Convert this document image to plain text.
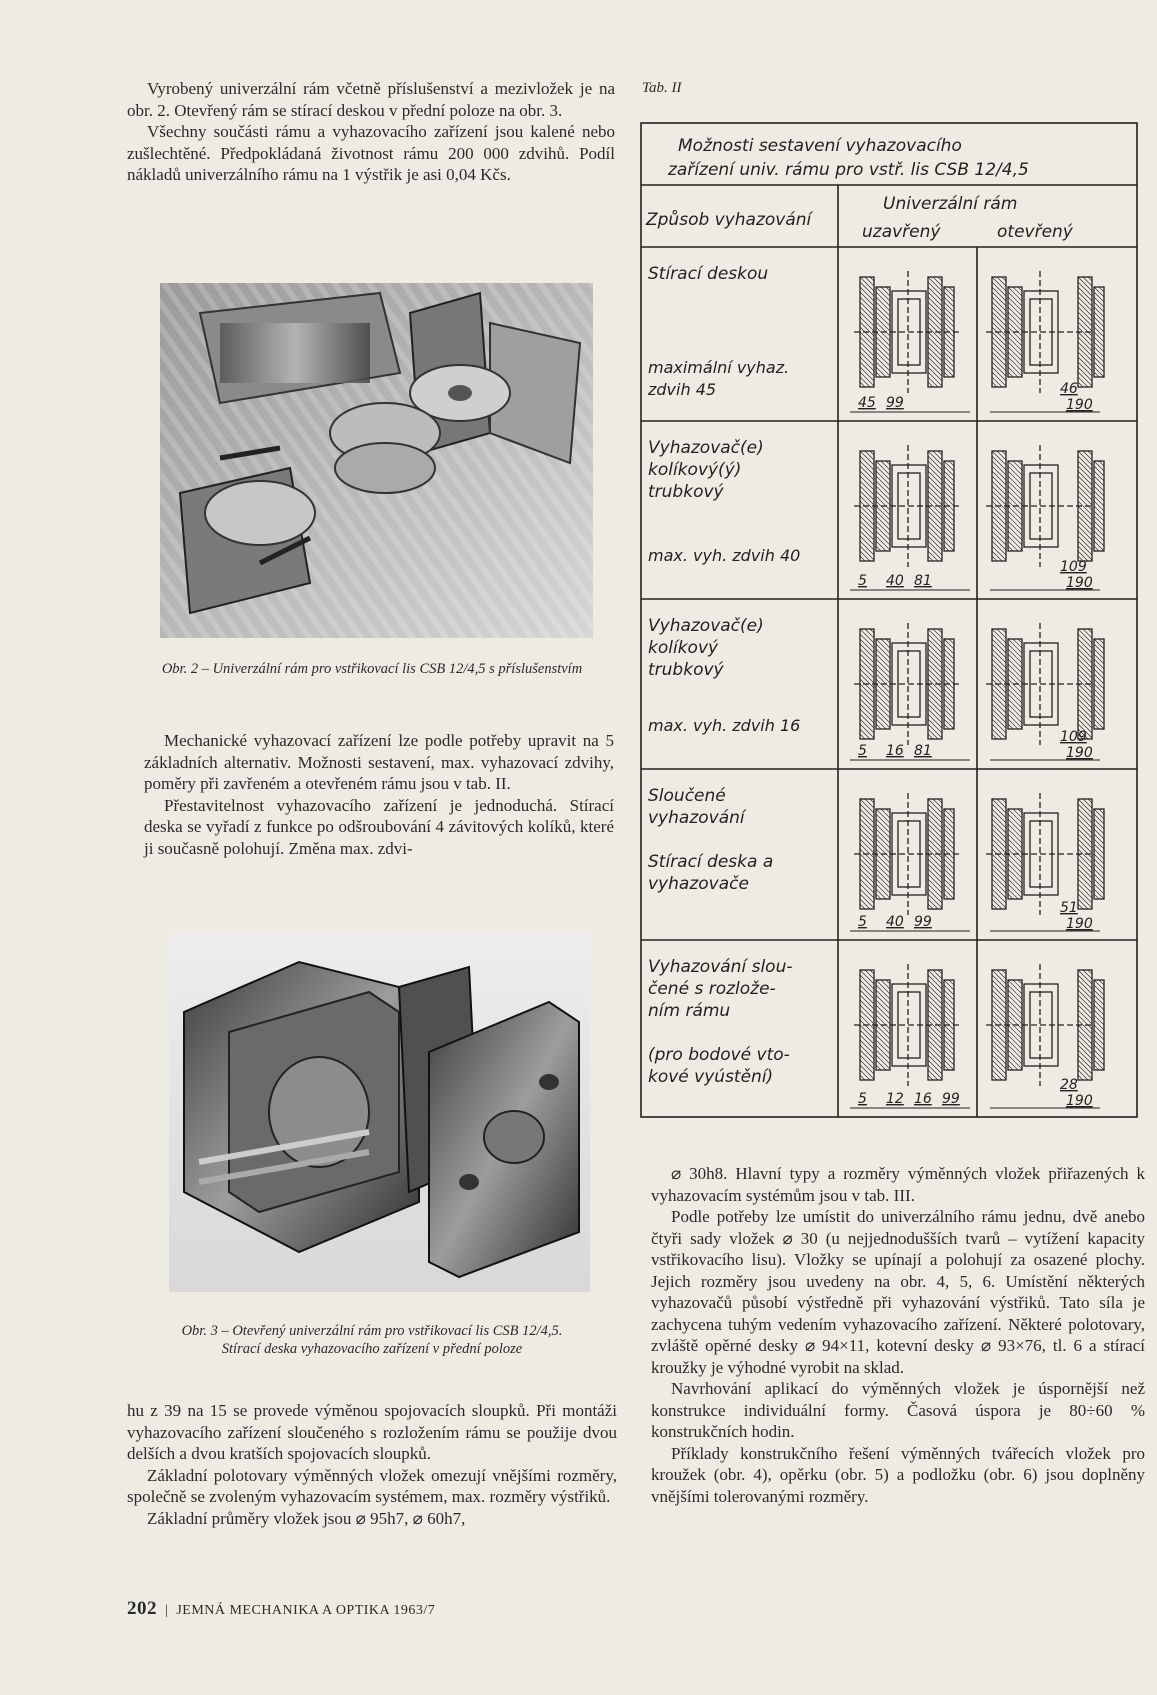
Vyrobený univerzální rám včetně příslušenství a mezivložek je na obr. 2. Otevřený rám se stírací deskou v přední poloze na obr. 3.

Všechny součásti rámu a vyhazovacího zařízení jsou kalené nebo zušlechtěné. Předpokládaná životnost rámu 200 000 zdvihů. Podíl nákladů univerzálního rámu na 1 výstřik je asi 0,04 Kčs.

Obr. 2 – Univerzální rám pro vstřikovací lis CSB 12/4,5 s příslušenstvím

Mechanické vyhazovací zařízení lze podle potřeby upravit na 5 základních alternativ. Možnosti sestavení, max. vyhazovací zdvihy, poměry při zavřeném a otevřeném rámu jsou v tab. II.

Přestavitelnost vyhazovacího zařízení je jednoduchá. Stírací deska se vyřadí z funkce po odšroubování 4 závitových kolíků, které ji současně polohují. Změna max. zdvi-

Obr. 3 – Otevřený univerzální rám pro vstřikovací lis CSB 12/4,5.
Stírací deska vyhazovacího zařízení v přední poloze

hu z 39 na 15 se provede výměnou spojovacích sloupků. Při montáži vyhazovacího zařízení sloučeného s rozložením rámu se použije dvou delších a dvou kratších spojovacích sloupků.

Základní polotovary výměnných vložek omezují vnějšími rozměry, společně se zvoleným vyhazovacím systémem, max. rozměry výstřiků.

Základní průměry vložek jsou ⌀ 95h7, ⌀ 60h7,

⌀ 30h8. Hlavní typy a rozměry výměnných vložek přiřazených k vyhazovacím systémům jsou v tab. III.

Podle potřeby lze umístit do univerzálního rámu jednu, dvě anebo čtyři sady vložek ⌀ 30 (u nejjednodušších tvarů – vytížení kapacity vstřikovacího lisu). Vložky se upínají a polohují za osazené plochy. Jejich rozměry jsou uvedeny na obr. 4, 5, 6. Umístění některých vyhazovačů působí výstředně při vyhazování výstřiků. Tato síla je zachycena tuhým vedením vyhazovacího zařízení. Některé polotovary, zvláště opěrné desky ⌀ 94×11, kotevní desky ⌀ 93×76, tl. 6 a stírací kroužky je výhodné vyrobit na sklad.

Navrhování aplikací do výměnných vložek je úspornější než konstrukce individuální formy. Časová úspora je 80÷60 % konstrukčních hodin.

Příklady konstrukčního řešení výměnných tvářecích vložek pro kroužek (obr. 4), opěrku (obr. 5) a podložku (obr. 6) jsou doplněny vnějšími tolerovanými rozměry.

Tab. II
Možnosti sestavení vyhazovacího
zařízení univ. rámu pro vstř. lis CSB 12/4,5
Způsob vyhazování
Univerzální rám
uzavřený	otevřený
Stírací deskou
maximální vyhaz.
zdvih 45
45 99
46
190
Vyhazovač(e)
kolíkový(ý)
trubkový
max. vyh. zdvih 40
5 40 81
109
190
Vyhazovač(e)
kolíkový
trubkový
max. vyh. zdvih 16
5 16 81
109
190
Sloučené
vyhazování
Stírací deska a
vyhazovače
5 40 99
51
190
Vyhazování slou-
čené s rozlože-
ním rámu
(pro bodové vto-
kové vyústění)
5 12 16 99
28
190
202 | JEMNÁ MECHANIKA A OPTIKA 1963/7
